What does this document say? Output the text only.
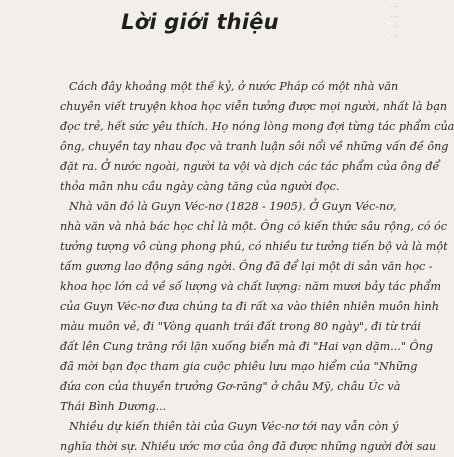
…
…
…
…
Lời giới thiệu
Cách đây khoảng một thế kỷ, ở nước Pháp có một nhà văn
chuyên viết truyện khoa học viễn tưởng được mọi người, nhất là bạn
đọc trẻ, hết sức yêu thích. Họ nóng lòng mong đợi từng tác phẩm của
ông, chuyền tay nhau đọc và tranh luận sôi nổi về những vấn đề ông
đặt ra. Ở nước ngoài, người ta vội và dịch các tác phẩm của ông để
thỏa mãn nhu cầu ngày càng tăng của người đọc.
Nhà văn đó là Guyn Véc-nơ (1828 - 1905). Ở Guyn Véc-nơ,
nhà văn và nhà bác học chỉ là một. Ông có kiến thức sâu rộng, có óc
tưởng tượng vô cùng phong phú, có nhiều tư tưởng tiến bộ và là một
tấm gương lao động sáng ngời. Ông đã để lại một di sản văn học -
khoa học lớn cả về số lượng và chất lượng: năm mươi bảy tác phẩm
của Guyn Véc-nơ đưa chúng ta đi rất xa vào thiên nhiên muôn hình
màu muôn vẻ, đi "Vòng quanh trái đất trong 80 ngày", đi từ trái
đất lên Cung trăng rồi lặn xuống biển mà đi "Hai vạn dặm..." Ông
đã mời bạn đọc tham gia cuộc phiêu lưu mạo hiểm của "Những
đứa con của thuyền trưởng Gơ-răng" ở châu Mỹ, châu Úc và
Thái Bình Dương...
Nhiều dự kiến thiên tài của Guyn Véc-nơ tới nay vẫn còn ý
nghĩa thời sự. Nhiều ước mơ của ông đã được những người đời sau
